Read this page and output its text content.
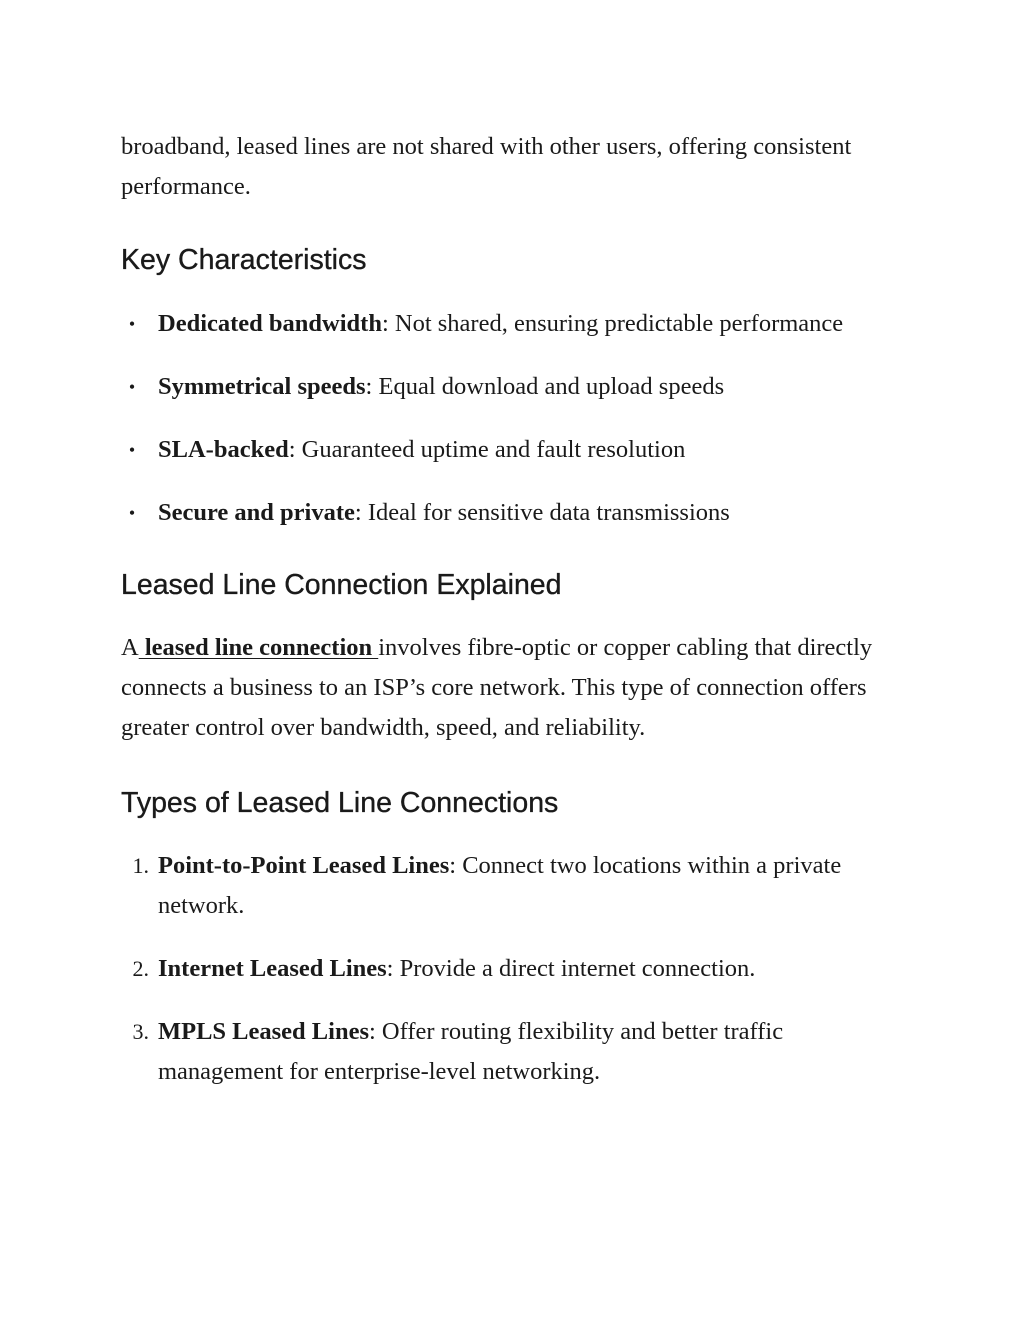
broadband, leased lines are not shared with other users, offering consistent performance.

Key Characteristics
• Dedicated bandwidth: Not shared, ensuring predictable performance
• Symmetrical speeds: Equal download and upload speeds
• SLA-backed: Guaranteed uptime and fault resolution
• Secure and private: Ideal for sensitive data transmissions
Leased Line Connection Explained

A leased line connection involves fibre-optic or copper cabling that directly connects a business to an ISP’s core network. This type of connection offers greater control over bandwidth, speed, and reliability.

Types of Leased Line Connections
1. Point-to-Point Leased Lines: Connect two locations within a private network.
2. Internet Leased Lines: Provide a direct internet connection.
3. MPLS Leased Lines: Offer routing flexibility and better traffic management for enterprise-level networking.
